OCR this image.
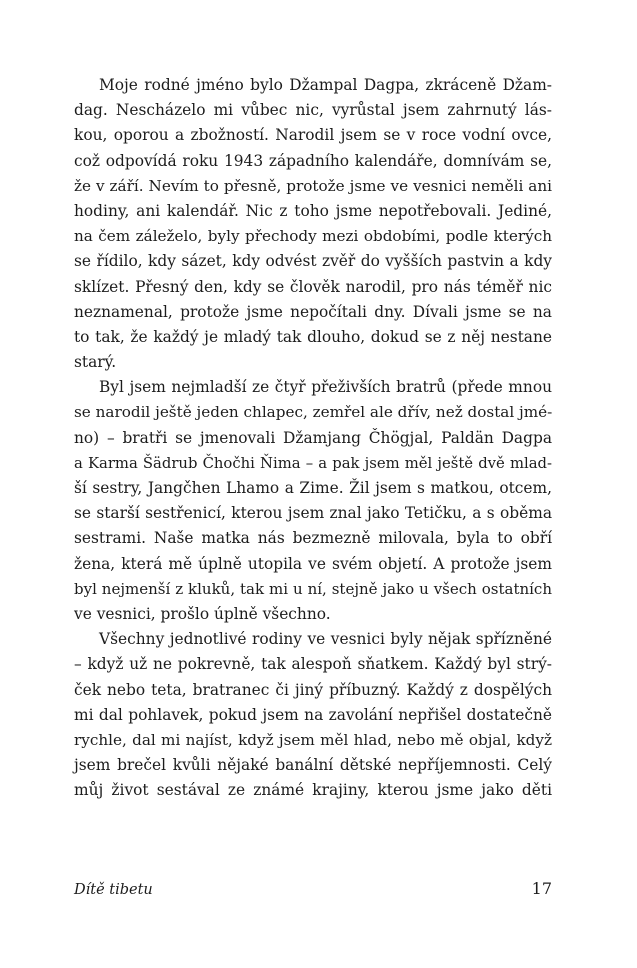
Moje rodné jméno bylo Džampal Dagpa, zkráceně Džam-
dag. Nescházelo mi vůbec nic, vyrůstal jsem zahrnutý lás-
kou, oporou a zbožností. Narodil jsem se v roce vodní ovce,
což odpovídá roku 1943 západního kalendáře, domnívám se,
že v září. Nevím to přesně, protože jsme ve vesnici neměli ani
hodiny, ani kalendář. Nic z toho jsme nepotřebovali. Jediné,
na čem záleželo, byly přechody mezi obdobími, podle kterých
se řídilo, kdy sázet, kdy odvést zvěř do vyšších pastvin a kdy
sklízet. Přesný den, kdy se člověk narodil, pro nás téměř nic
neznamenal, protože jsme nepočítali dny. Dívali jsme se na
to tak, že každý je mladý tak dlouho, dokud se z něj nestane
starý.
Byl jsem nejmladší ze čtyř přeživších bratrů (přede mnou
se narodil ještě jeden chlapec, zemřel ale dřív, než dostal jmé-
no) – bratři se jmenovali Džamjang Čhögjal, Paldän Dagpa
a Karma Šädrub Čhočhi Ňima – a pak jsem měl ještě dvě mlad-
ší sestry, Jangčhen Lhamo a Zime. Žil jsem s matkou, otcem,
se starší sestřenicí, kterou jsem znal jako Tetičku, a s oběma
sestrami. Naše matka nás bezmezně milovala, byla to obří
žena, která mě úplně utopila ve svém objetí. A protože jsem
byl nejmenší z kluků, tak mi u ní, stejně jako u všech ostatních
ve vesnici, prošlo úplně všechno.
Všechny jednotlivé rodiny ve vesnici byly nějak spřízněné
– když už ne pokrevně, tak alespoň sňatkem. Každý byl strý-
ček nebo teta, bratranec či jiný příbuzný. Každý z dospělých
mi dal pohlavek, pokud jsem na zavolání nepřišel dostatečně
rychle, dal mi najíst, když jsem měl hlad, nebo mě objal, když
jsem brečel kvůli nějaké banální dětské nepříjemnosti. Celý
můj život sestával ze známé krajiny, kterou jsme jako děti
Dítě tibetu	17
